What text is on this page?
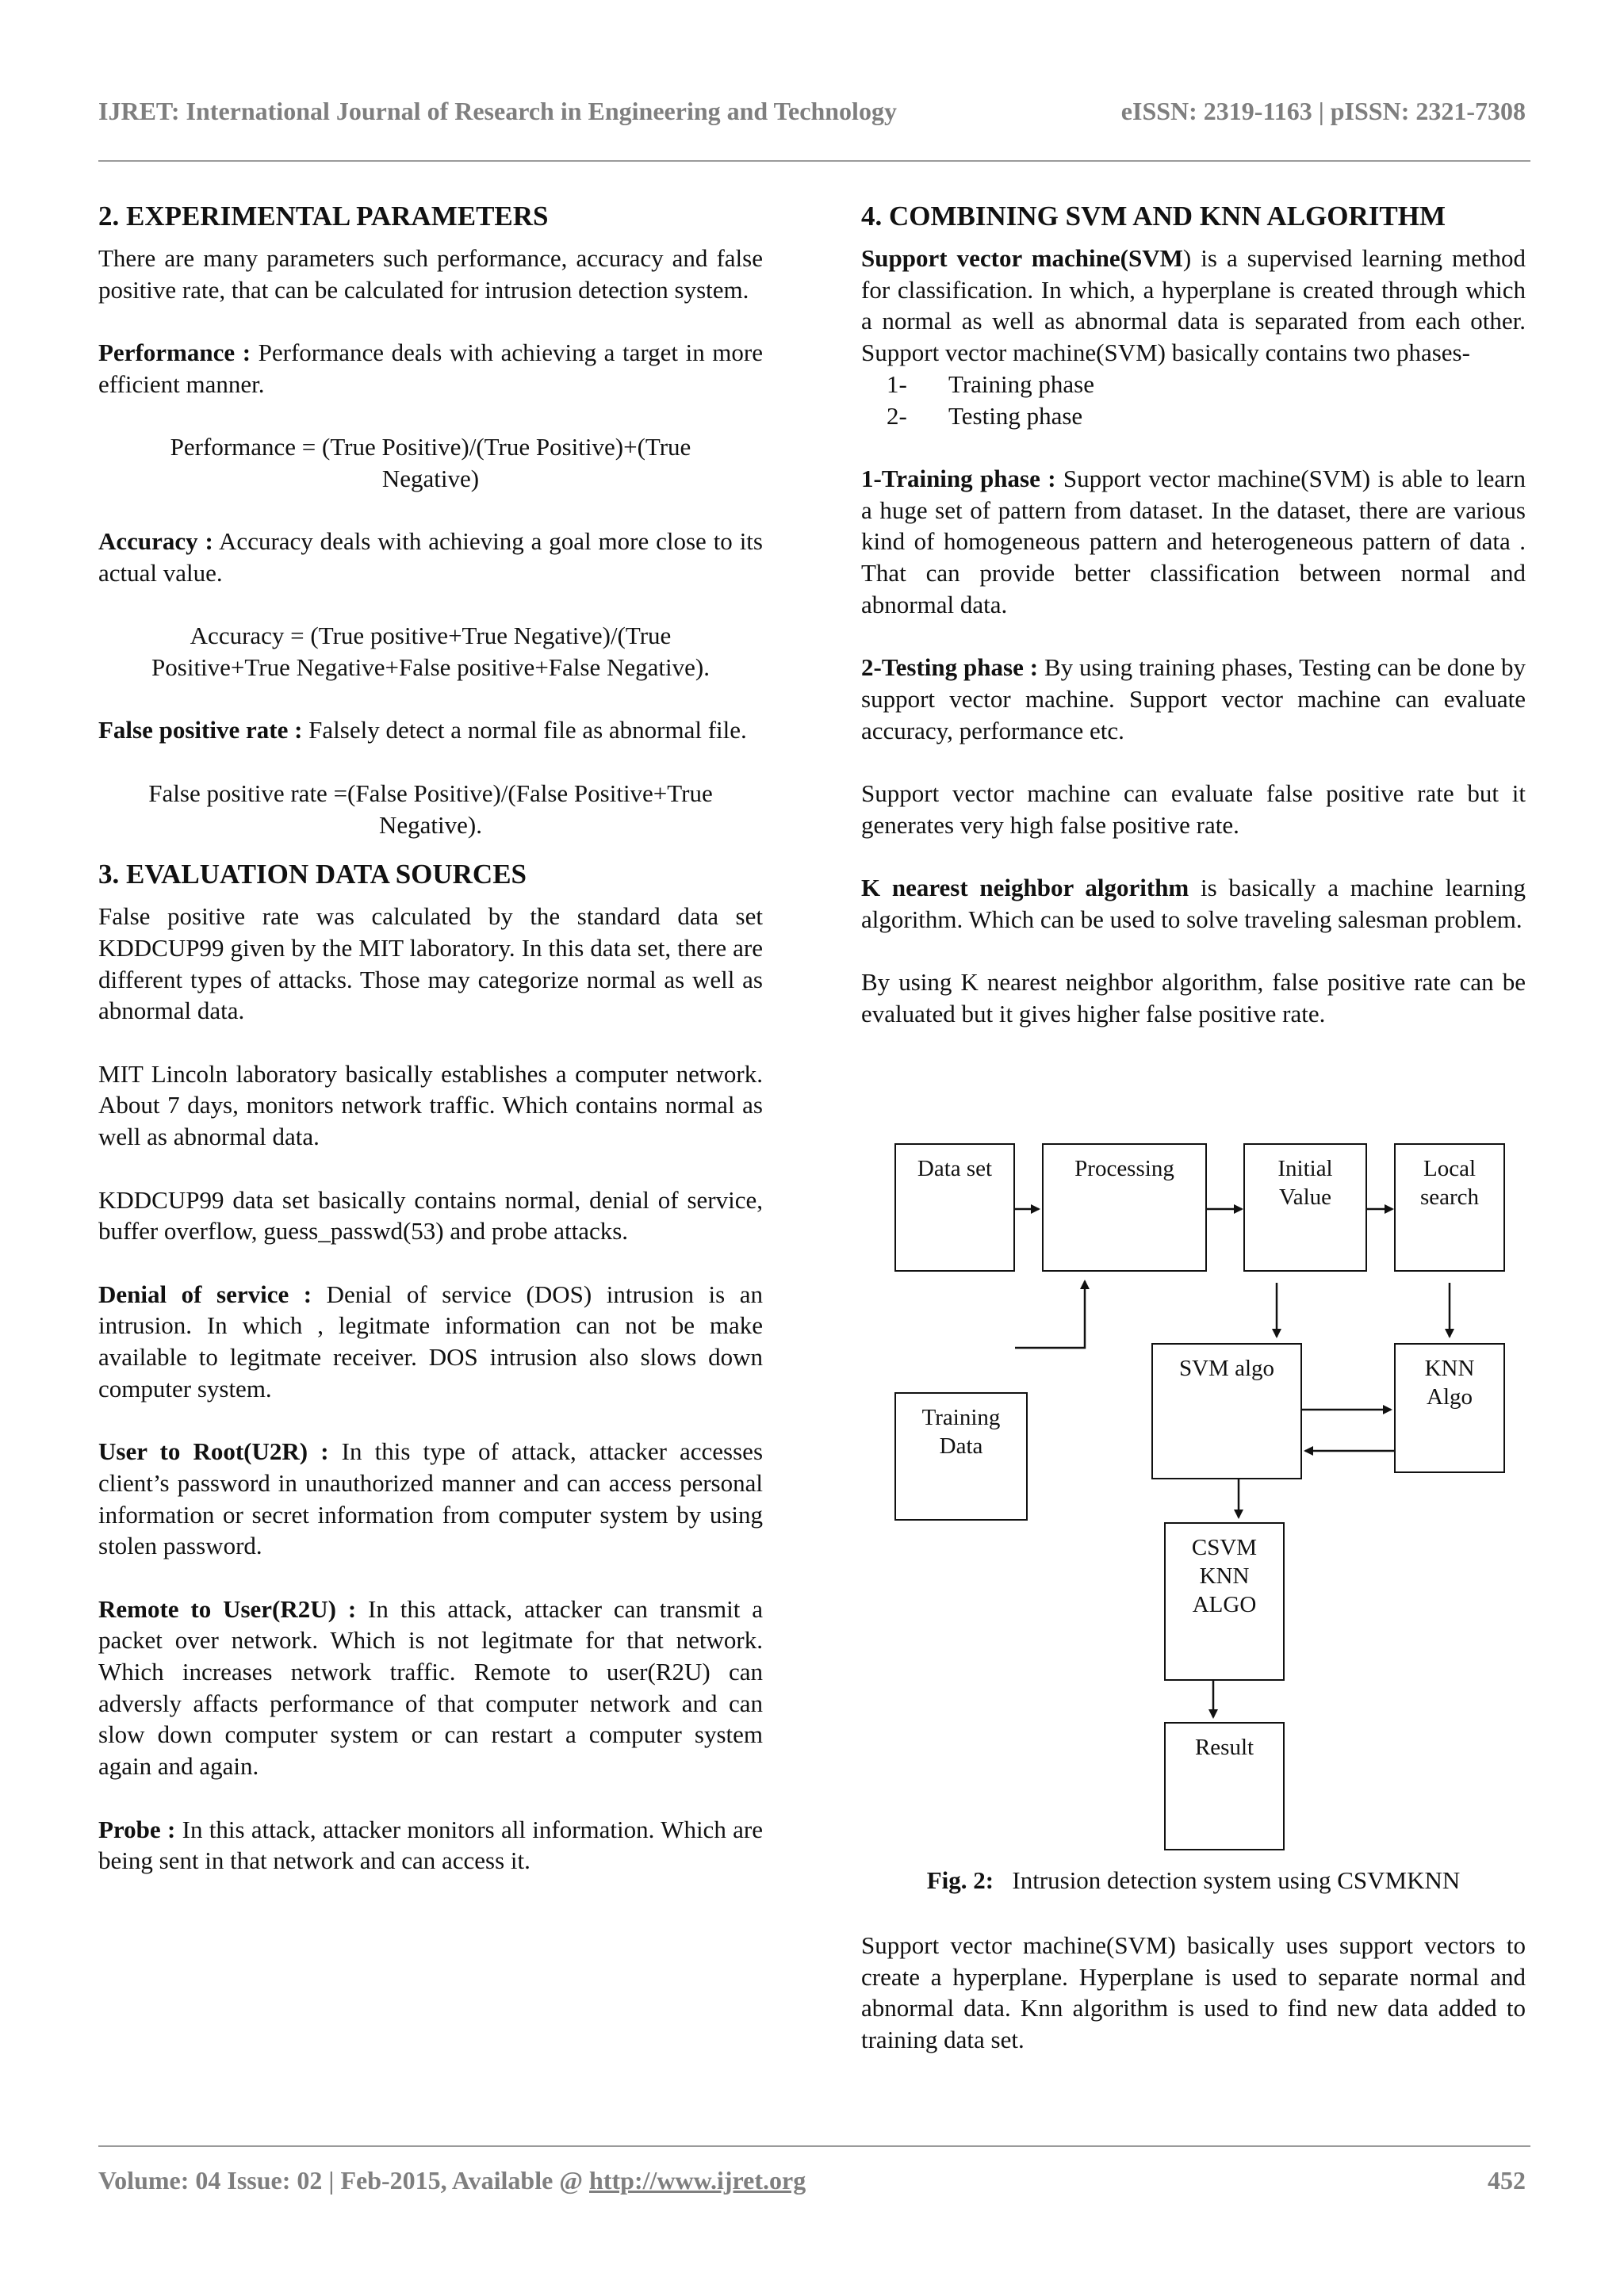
IJRET: International Journal of Research in Engineering and Technology	eISSN: 2319-1163 | pISSN: 2321-7308
2. EXPERIMENTAL PARAMETERS

There are many parameters such performance, accuracy and false positive rate, that can be calculated for intrusion detection system.

Performance : Performance deals with achieving a target in more efficient manner.

Performance = (True Positive)/(True Positive)+(True Negative)

Accuracy : Accuracy deals with achieving a goal more close to its actual value.

Accuracy = (True positive+True Negative)/(True Positive+True Negative+False positive+False Negative).

False positive rate : Falsely detect a normal file as abnormal file.

False positive rate =(False Positive)/(False Positive+True Negative).

3. EVALUATION DATA SOURCES

False positive rate was calculated by the standard data set KDDCUP99 given by the MIT laboratory. In this data set, there are different types of attacks. Those may categorize normal as well as abnormal data.

MIT Lincoln laboratory basically establishes a computer network. About 7 days, monitors network traffic. Which contains normal as well as abnormal data.

KDDCUP99 data set basically contains normal, denial of service, buffer overflow, guess_passwd(53) and probe attacks.

Denial of service : Denial of service (DOS) intrusion is an intrusion. In which , legitmate information can not be make available to legitmate receiver. DOS intrusion also slows down computer system.

User to Root(U2R) : In this type of attack, attacker accesses client’s password in unauthorized manner and can access personal information or secret information from computer system by using stolen password.

Remote to User(R2U) : In this attack, attacker can transmit a packet over network. Which is not legitmate for that network. Which increases network traffic. Remote to user(R2U) can adversly affacts performance of that computer network and can slow down computer system or can restart a computer system again and again.

Probe : In this attack, attacker monitors all information. Which are being sent in that network and can access it.

4. COMBINING SVM AND KNN ALGORITHM

Support vector machine(SVM) is a supervised learning method for classification. In which, a hyperplane is created through which a normal as well as abnormal data is separated from each other. Support vector machine(SVM) basically contains two phases-

1- Training phase
2- Testing phase

1-Training phase : Support vector machine(SVM) is able to learn a huge set of pattern from dataset. In the dataset, there are various kind of homogeneous pattern and heterogeneous pattern of data . That can provide better classification between normal and abnormal data.

2-Testing phase : By using training phases, Testing can be done by support vector machine. Support vector machine can evaluate accuracy, performance etc.

Support vector machine can evaluate false positive rate but it generates very high false positive rate.

K nearest neighbor algorithm is basically a machine learning algorithm. Which can be used to solve traveling salesman problem.

By using K nearest neighbor algorithm, false positive rate can be evaluated but it gives higher false positive rate.

Data set	Processing	Initial
Value
Local
search
Training
Data
SVM algo	KNN
Algo
CSVM
KNN
ALGO
Result
Fig. 2: Intrusion detection system using CSVMKNN

Support vector machine(SVM) basically uses support vectors to create a hyperplane. Hyperplane is used to separate normal and abnormal data. Knn algorithm is used to find new data added to training data set.

Volume: 04 Issue: 02 | Feb-2015, Available @ http://www.ijret.org	452
